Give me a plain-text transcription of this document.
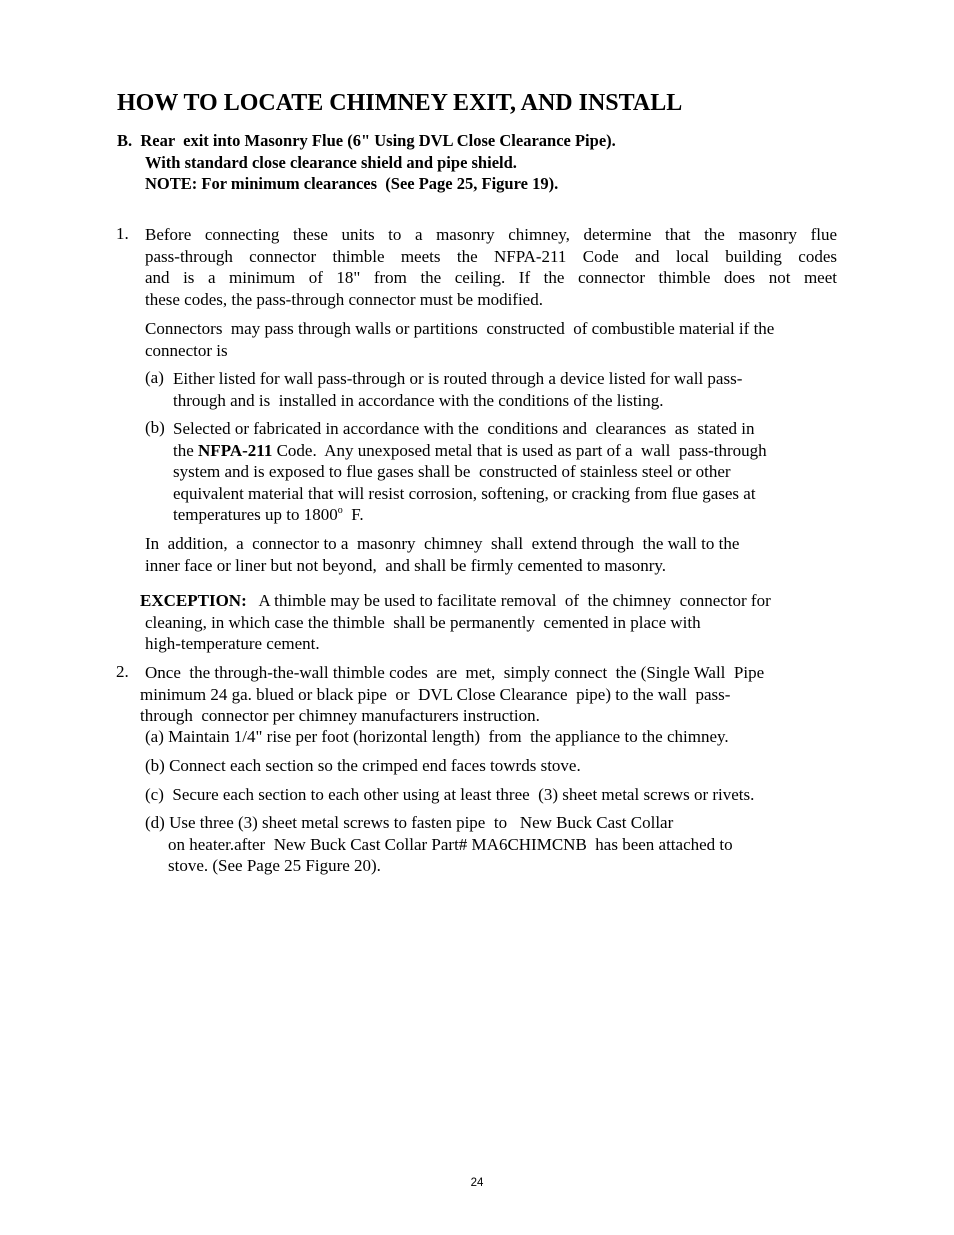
HOW TO LOCATE CHIMNEY EXIT, AND INSTALL
B.  Rear  exit into Masonry Flue (6" Using DVL Close Clearance Pipe).
With standard close clearance shield and pipe shield.
NOTE: For minimum clearances  (See Page 25, Figure 19).
1. Before connecting these units to a masonry chimney, determine that the masonry flue

pass-through connector thimble meets the NFPA-211 Code and local building codes

and is a minimum of 18" from the ceiling. If the connector thimble does not meet

these codes, the pass-through connector must be modified.

Connectors  may pass through walls or partitions  constructed  of combustible material if the
connector is
(a) Either listed for wall pass-through or is routed through a device listed for wall pass-
through and is  installed in accordance with the conditions of the listing.
(b) Selected or fabricated in accordance with the  conditions and  clearances  as  stated in
the NFPA-211 Code.  Any unexposed metal that is used as part of a  wall  pass-through
system and is exposed to flue gases shall be  constructed of stainless steel or other
equivalent material that will resist corrosion, softening, or cracking from flue gases at
temperatures up to 1800$^o$  F.
In  addition,  a  connector to a  masonry  chimney  shall  extend through  the wall to the
inner face or liner but not beyond,  and shall be firmly cemented to masonry.
EXCEPTION:   A thimble may be used to facilitate removal  of  the chimney  connector for
cleaning, in which case the thimble  shall be permanently  cemented in place with
high-temperature cement.
2. Once  the through-the-wall thimble codes  are  met,  simply connect  the (Single Wall  Pipe
minimum 24 ga. blued or black pipe  or  DVL Close Clearance  pipe) to the wall  pass-
through  connector per chimney manufacturers instruction.
(a) Maintain 1/4" rise per foot (horizontal length)  from  the appliance to the chimney.
(b) Connect each section so the crimped end faces towrds stove.
(c)  Secure each section to each other using at least three  (3) sheet metal screws or rivets.
(d) Use three (3) sheet metal screws to fasten pipe  to   New Buck Cast Collar
on heater.after  New Buck Cast Collar Part# MA6CHIMCNB  has been attached to
stove. (See Page 25 Figure 20).
24
